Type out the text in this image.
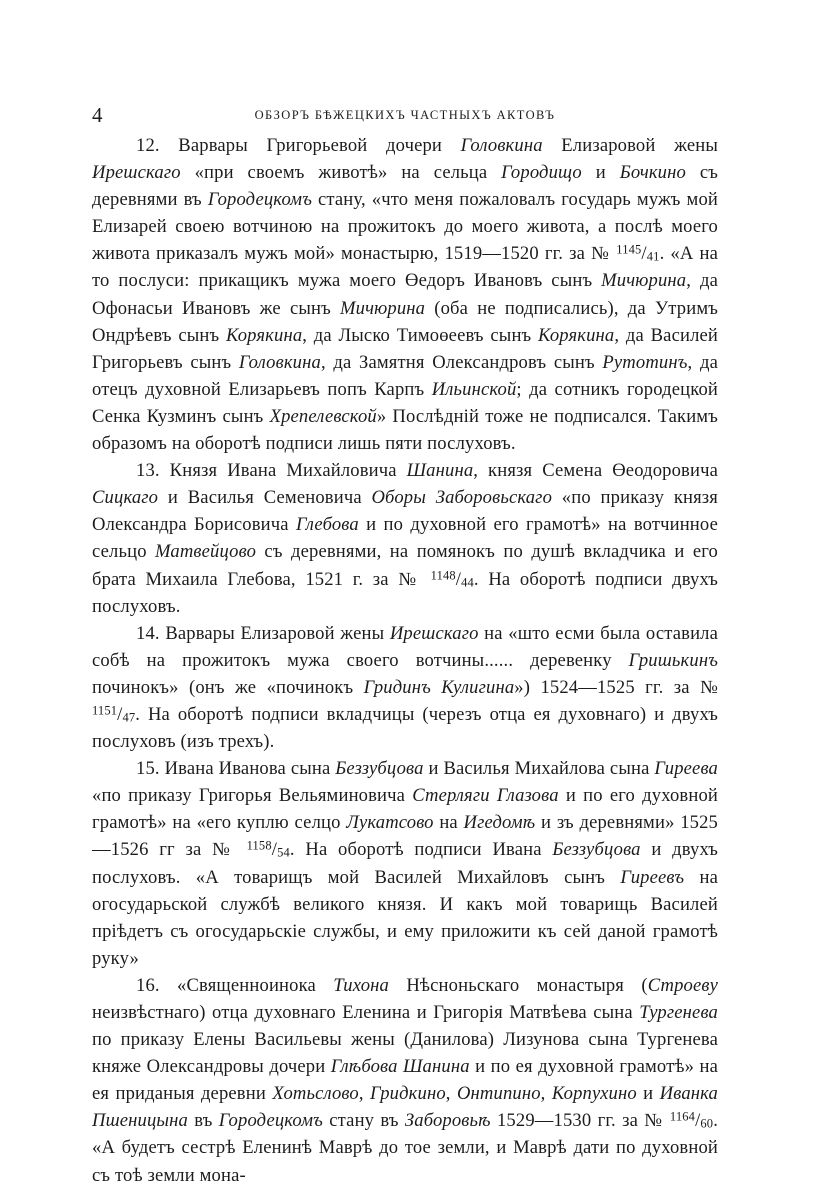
4	ОБЗОРЪ БѢЖЕЦКИХЪ ЧАСТНЫХЪ АКТОВЪ

12. Варвары Григорьевой дочери Головкина Елизаровой жены Ирешскаго «при своемъ животѣ» на сельца Городищо и Бочкино съ деревнями въ Городецкомъ стану, «что меня пожаловалъ государь мужъ мой Елизарей своею вотчиною на прожитокъ до моего живота, а послѣ моего живота приказалъ мужъ мой» монастырю, 1519—1520 гг. за № $^{1145}$/41. «А на то послуси: прикащикъ мужа моего Өедоръ Ивановъ сынъ Мичюрина, да Офонасьи Ивановъ же сынъ Мичюрина (оба не подписались), да Утримъ Ондрѣевъ сынъ Корякина, да Лыско Тимоөеевъ сынъ Корякина, да Василей Григорьевъ сынъ Головкина, да Замятня Олександровъ сынъ Рутотинъ, да отецъ духовной Елизарьевъ попъ Карпъ Ильинской; да сотникъ городецкой Сенка Кузминъ сынъ Хрепелевской» Послѣдній тоже не подписался. Такимъ образомъ на оборотѣ подписи лишь пяти послуховъ.

13. Князя Ивана Михайловича Шанина, князя Семена Өеодоровича Сицкаго и Василья Семеновича Оборы Заборовьскаго «по приказу князя Олександра Борисовича Глебова и по духовной его грамотѣ» на вотчинное сельцо Матвейцово съ деревнями, на помянокъ по душѣ вкладчика и его брата Михаила Глебова, 1521 г. за № $^{1148}$/44. На оборотѣ подписи двухъ послуховъ.

14. Варвары Елизаровой жены Ирешскаго на «што есми была оставила собѣ на прожитокъ мужа своего вотчины...... деревенку Гришькинъ починокъ» (онъ же «починокъ Гридинъ Кулигина») 1524—1525 гг. за № $^{1151}$/47. На оборотѣ подписи вкладчицы (черезъ отца ея духовнаго) и двухъ послуховъ (изъ трехъ).

15. Ивана Иванова сына Беззубцова и Василья Михайлова сына Гиреева «по приказу Григорья Вельяминовича Стерляги Глазова и по его духовной грамотѣ» на «его куплю селцо Лукатсово на Игедомѣ и зъ деревнями» 1525—1526 гг за № $^{1158}$/54. На оборотѣ подписи Ивана Беззубцова и двухъ послуховъ. «А товарищъ мой Василей Михайловъ сынъ Гиреевъ на огосударьской службѣ великого князя. И какъ мой товарищь Василей прiѣдетъ съ огосударьскіе службы, и ему приложити къ сей даной грамотѣ руку»

16. «Священноинока Тихона Нѣсноньскаго монастыря (Строеву неизвѣстнаго) отца духовнаго Еленина и Григорія Матвѣева сына Тургенева по приказу Елены Васильевы жены (Данилова) Лизунова сына Тургенева княже Олександровы дочери Глѣбова Шанина и по ея духовной грамотѣ» на ея приданыя деревни Хотьслово, Гридкино, Онтипино, Корпухино и Иванка Пшеницына въ Городецкомъ стану въ Заборовьѣ 1529—1530 гг. за № $^{1164}$/60. «А будетъ сестрѣ Еленинѣ Маврѣ до тое земли, и Маврѣ дати по духовной съ тоѣ земли мона-
